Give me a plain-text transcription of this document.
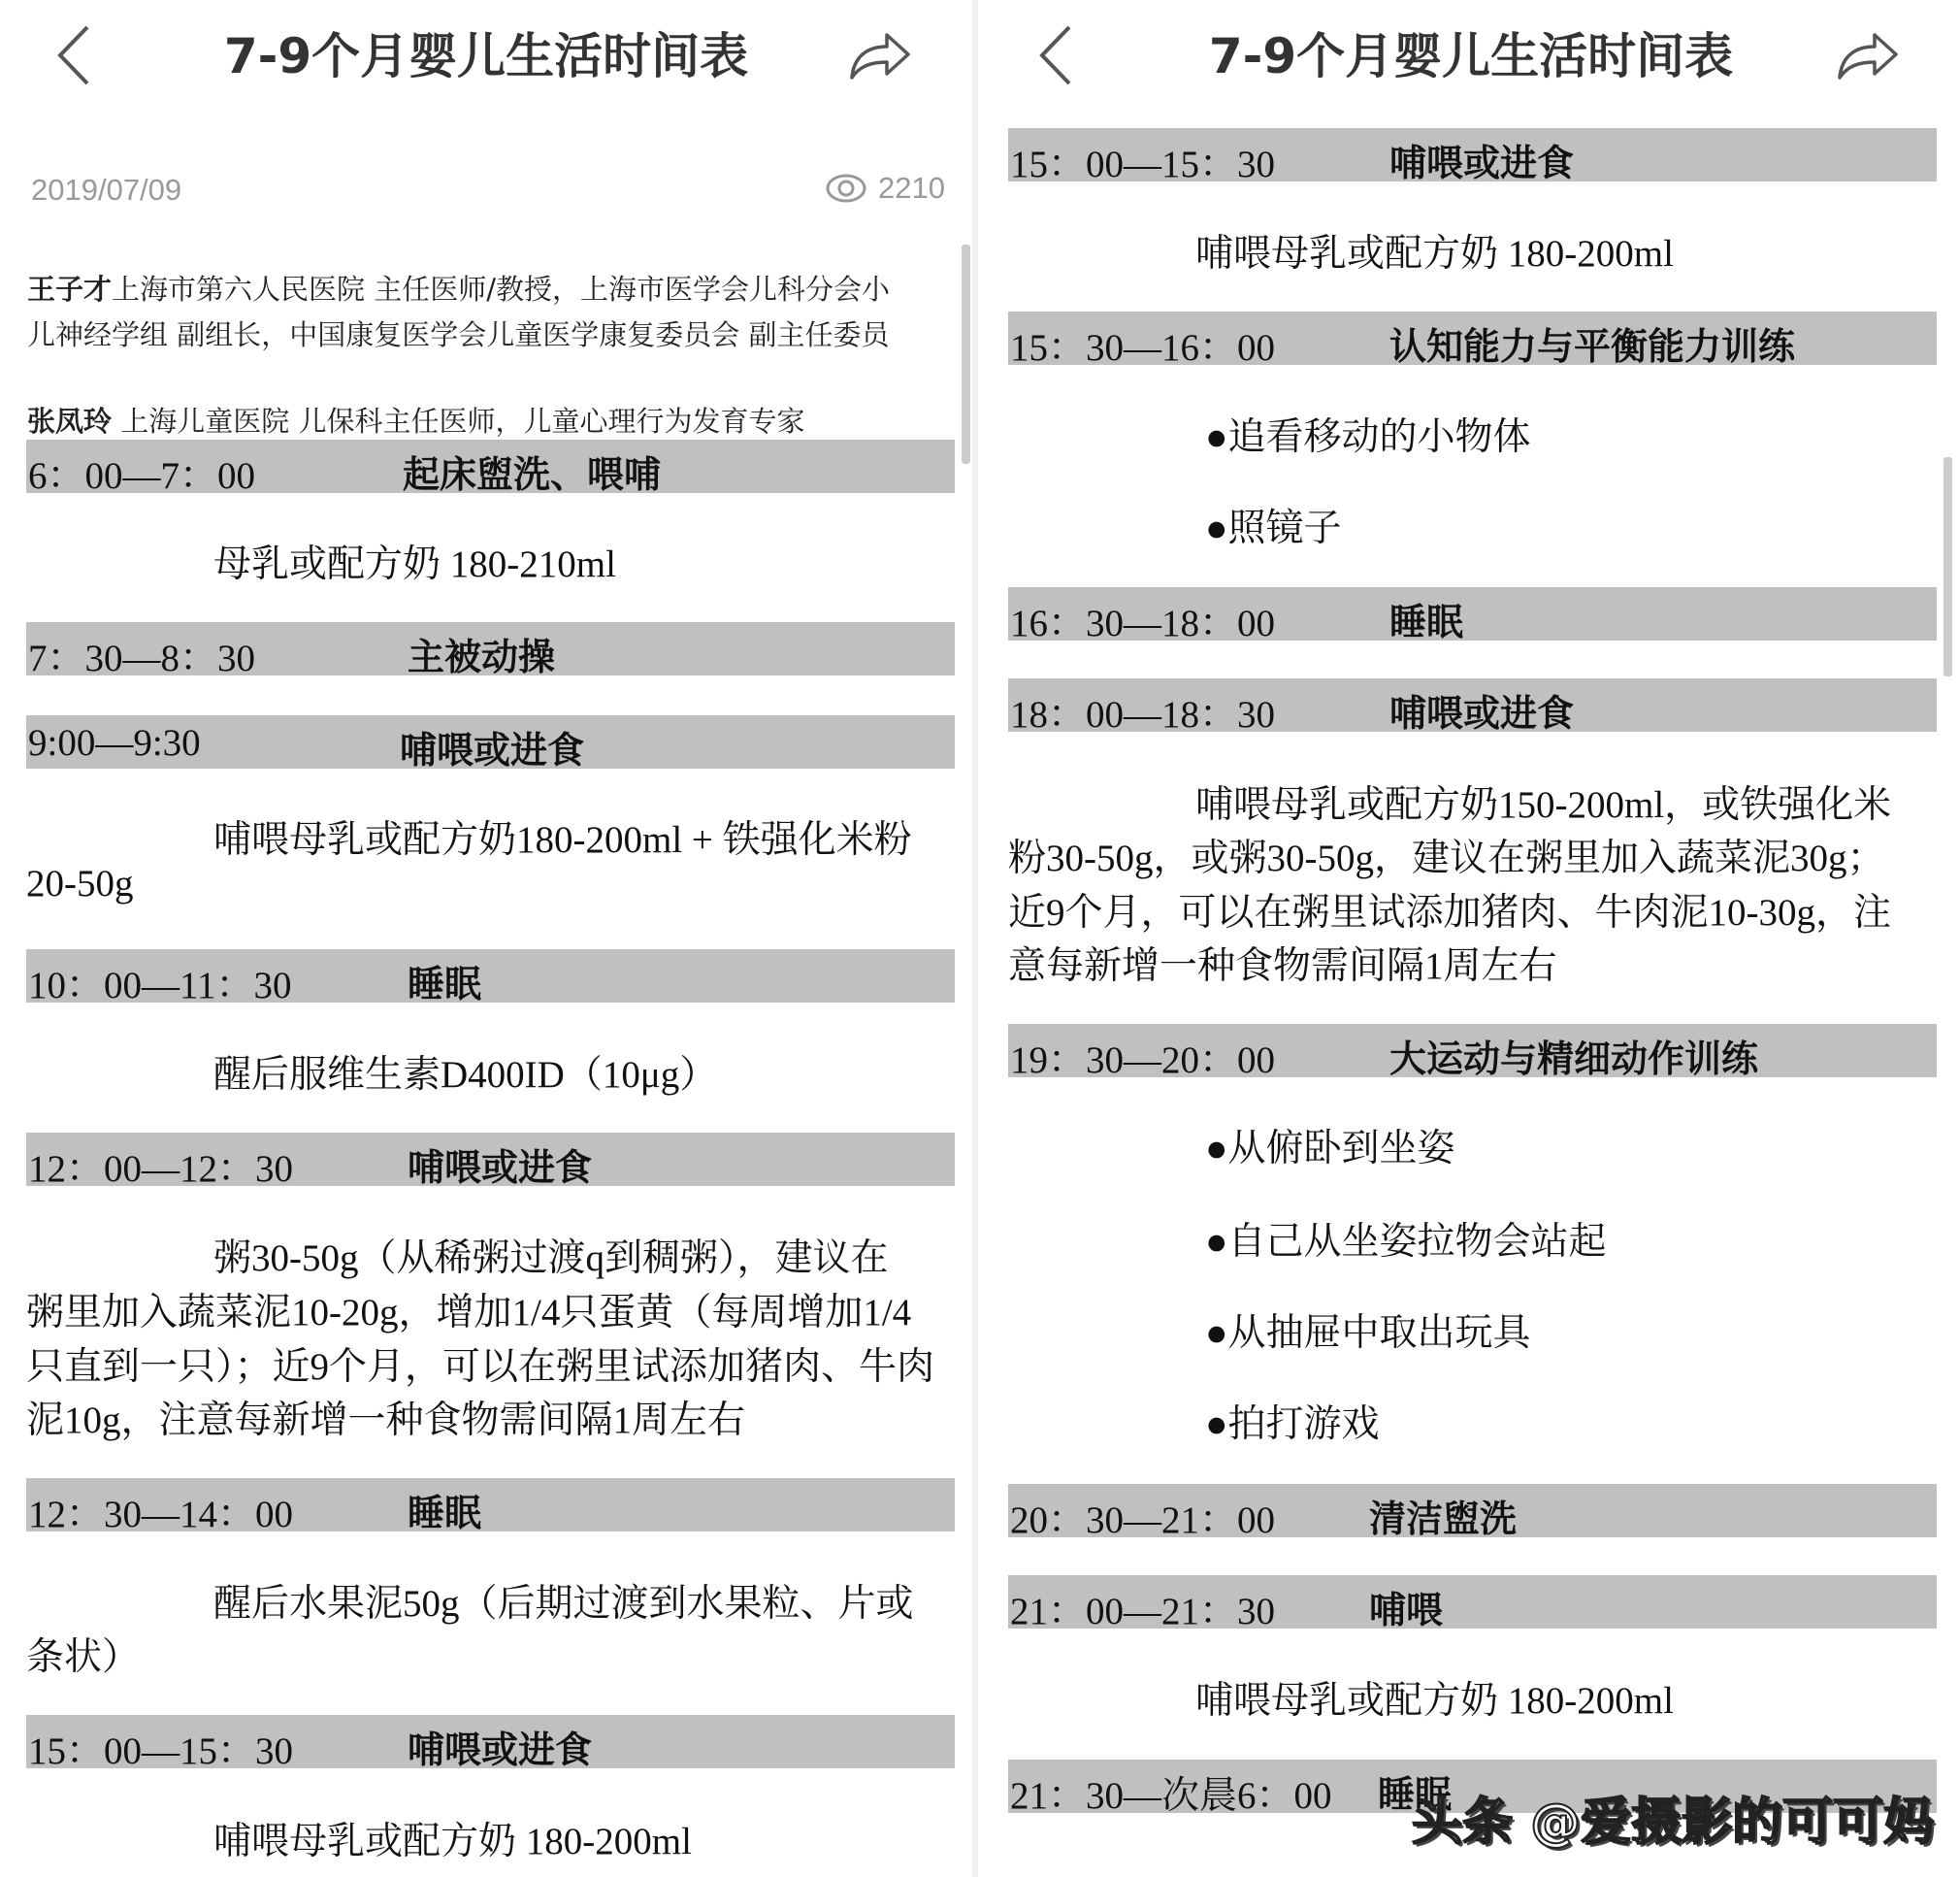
7-9个月婴儿生活时间表
2019/07/09	2210
王子才上海市第六人民医院 主任医师/教授，上海市医学会儿科分会小
儿神经学组 副组长，中国康复医学会儿童医学康复委员会 副主任委员
张凤玲 上海儿童医院 儿保科主任医师，儿童心理行为发育专家
6：00—7：00	起床盥洗、喂哺
母乳或配方奶 180-210ml
7：30—8：30	主被动操
9:00—9:30	哺喂或进食
哺喂母乳或配方奶180-200ml + 铁强化米粉
20-50g
10：00—11：30	睡眠
醒后服维生素D400ID（10μg）
12：00—12：30	哺喂或进食
粥30-50g（从稀粥过渡q到稠粥），建议在
粥里加入蔬菜泥10-20g，增加1/4只蛋黄（每周增加1/4
只直到一只）；近9个月，可以在粥里试添加猪肉、牛肉
泥10g，注意每新增一种食物需间隔1周左右
12：30—14：00	睡眠
醒后水果泥50g（后期过渡到水果粒、片或
条状）
15：00—15：30	哺喂或进食
哺喂母乳或配方奶 180-200ml
7-9个月婴儿生活时间表
15：00—15：30	哺喂或进食
哺喂母乳或配方奶 180-200ml
15：30—16：00	认知能力与平衡能力训练
●追看移动的小物体
●照镜子
16：30—18：00	睡眠
18：00—18：30	哺喂或进食
哺喂母乳或配方奶150-200ml，或铁强化米
粉30-50g，或粥30-50g，建议在粥里加入蔬菜泥30g；
近9个月，可以在粥里试添加猪肉、牛肉泥10-30g，注
意每新增一种食物需间隔1周左右
19：30—20：00	大运动与精细动作训练
●从俯卧到坐姿
●自己从坐姿拉物会站起
●从抽屉中取出玩具
●拍打游戏
20：30—21：00	清洁盥洗
21：00—21：30	哺喂
哺喂母乳或配方奶 180-200ml
21：30—次晨6：00 睡眠
头条 @爱摄影的可可妈
